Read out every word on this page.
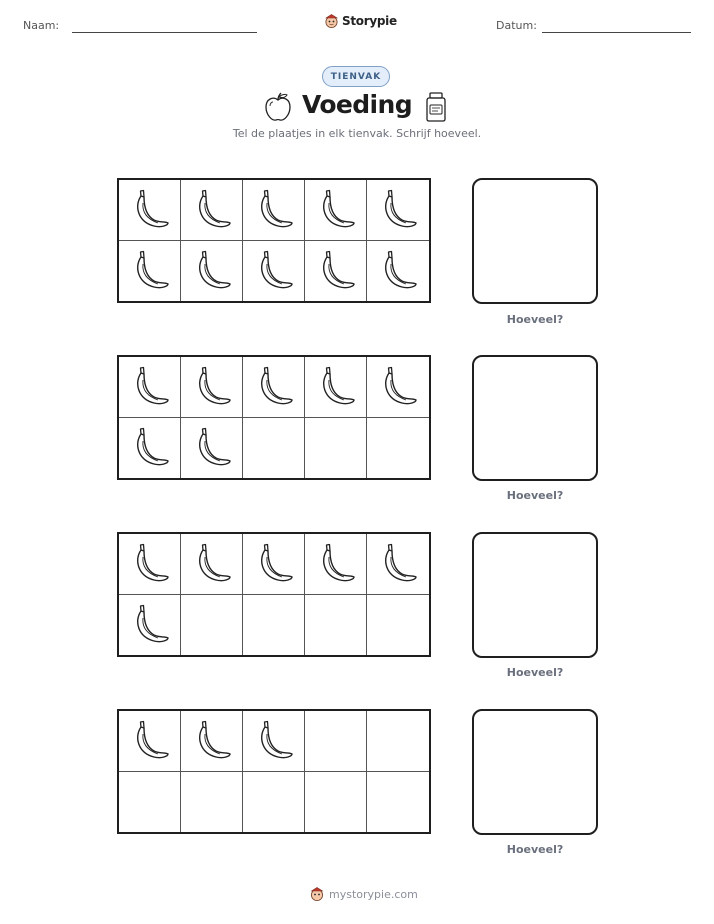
Naam:	Storypie	Datum:
TIENVAK
Voeding
Tel de plaatjes in elk tienvak. Schrijf hoeveel.
Hoeveel?
Hoeveel?
Hoeveel?
Hoeveel?
mystorypie.com
